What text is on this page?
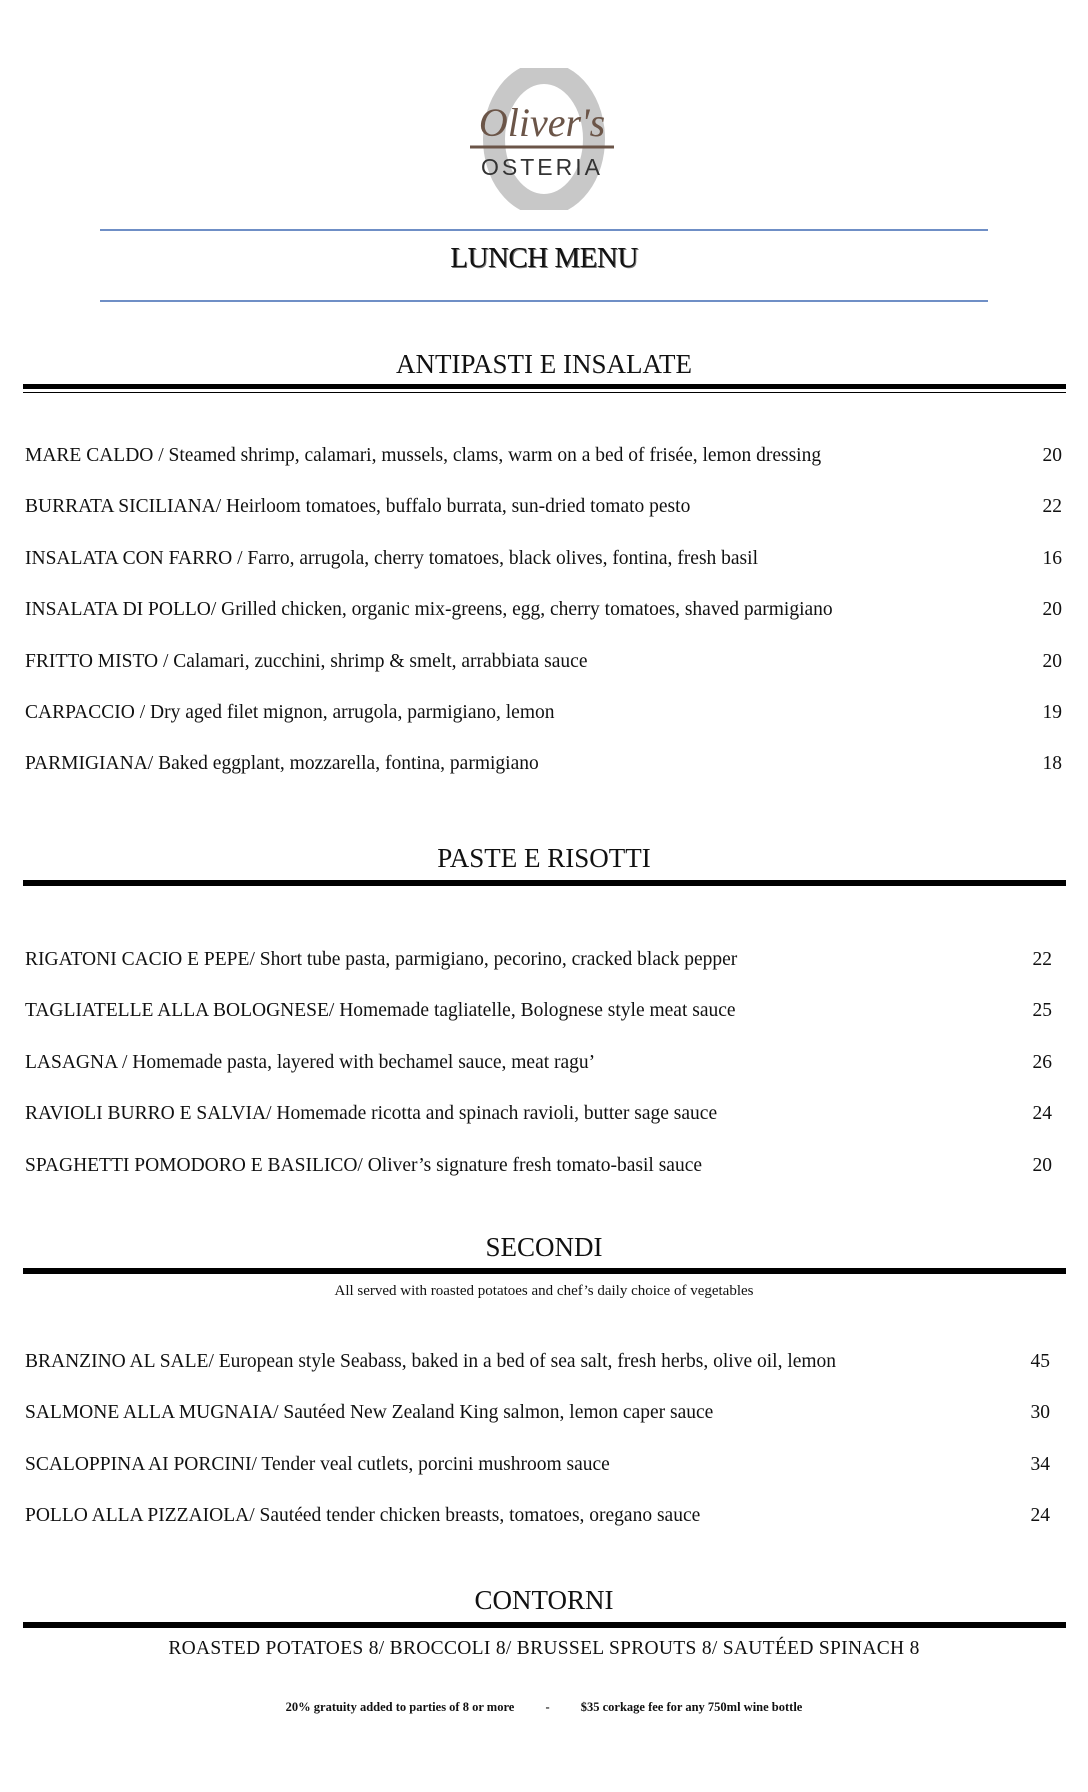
Oliver's
OSTERIA
LUNCH MENU
ANTIPASTI E INSALATE
MARE CALDO / Steamed shrimp, calamari, mussels, clams, warm on a bed of frisée, lemon dressing	20
BURRATA SICILIANA/ Heirloom tomatoes, buffalo burrata, sun-dried tomato pesto	22
INSALATA CON FARRO / Farro, arrugola, cherry tomatoes, black olives, fontina, fresh basil	16
INSALATA DI POLLO/ Grilled chicken, organic mix-greens, egg, cherry tomatoes, shaved parmigiano	20
FRITTO MISTO / Calamari, zucchini, shrimp & smelt, arrabbiata sauce	20
CARPACCIO / Dry aged filet mignon, arrugola, parmigiano, lemon	19
PARMIGIANA/ Baked eggplant, mozzarella, fontina, parmigiano	18
PASTE E RISOTTI
RIGATONI CACIO E PEPE/ Short tube pasta, parmigiano, pecorino, cracked black pepper	22
TAGLIATELLE ALLA BOLOGNESE/ Homemade tagliatelle, Bolognese style meat sauce	25
LASAGNA / Homemade pasta, layered with bechamel sauce, meat ragu’	26
RAVIOLI BURRO E SALVIA/ Homemade ricotta and spinach ravioli, butter sage sauce	24
SPAGHETTI POMODORO E BASILICO/ Oliver’s signature fresh tomato-basil sauce	20
SECONDI
All served with roasted potatoes and chef’s daily choice of vegetables
BRANZINO AL SALE/ European style Seabass, baked in a bed of sea salt, fresh herbs, olive oil, lemon	45
SALMONE ALLA MUGNAIA/ Sautéed New Zealand King salmon, lemon caper sauce	30
SCALOPPINA AI PORCINI/ Tender veal cutlets, porcini mushroom sauce	34
POLLO ALLA PIZZAIOLA/ Sautéed tender chicken breasts, tomatoes, oregano sauce	24
CONTORNI
ROASTED POTATOES 8/ BROCCOLI 8/ BRUSSEL SPROUTS 8/ SAUTÉED SPINACH 8
20% gratuity added to parties of 8 or more - $35 corkage fee for any 750ml wine bottle
